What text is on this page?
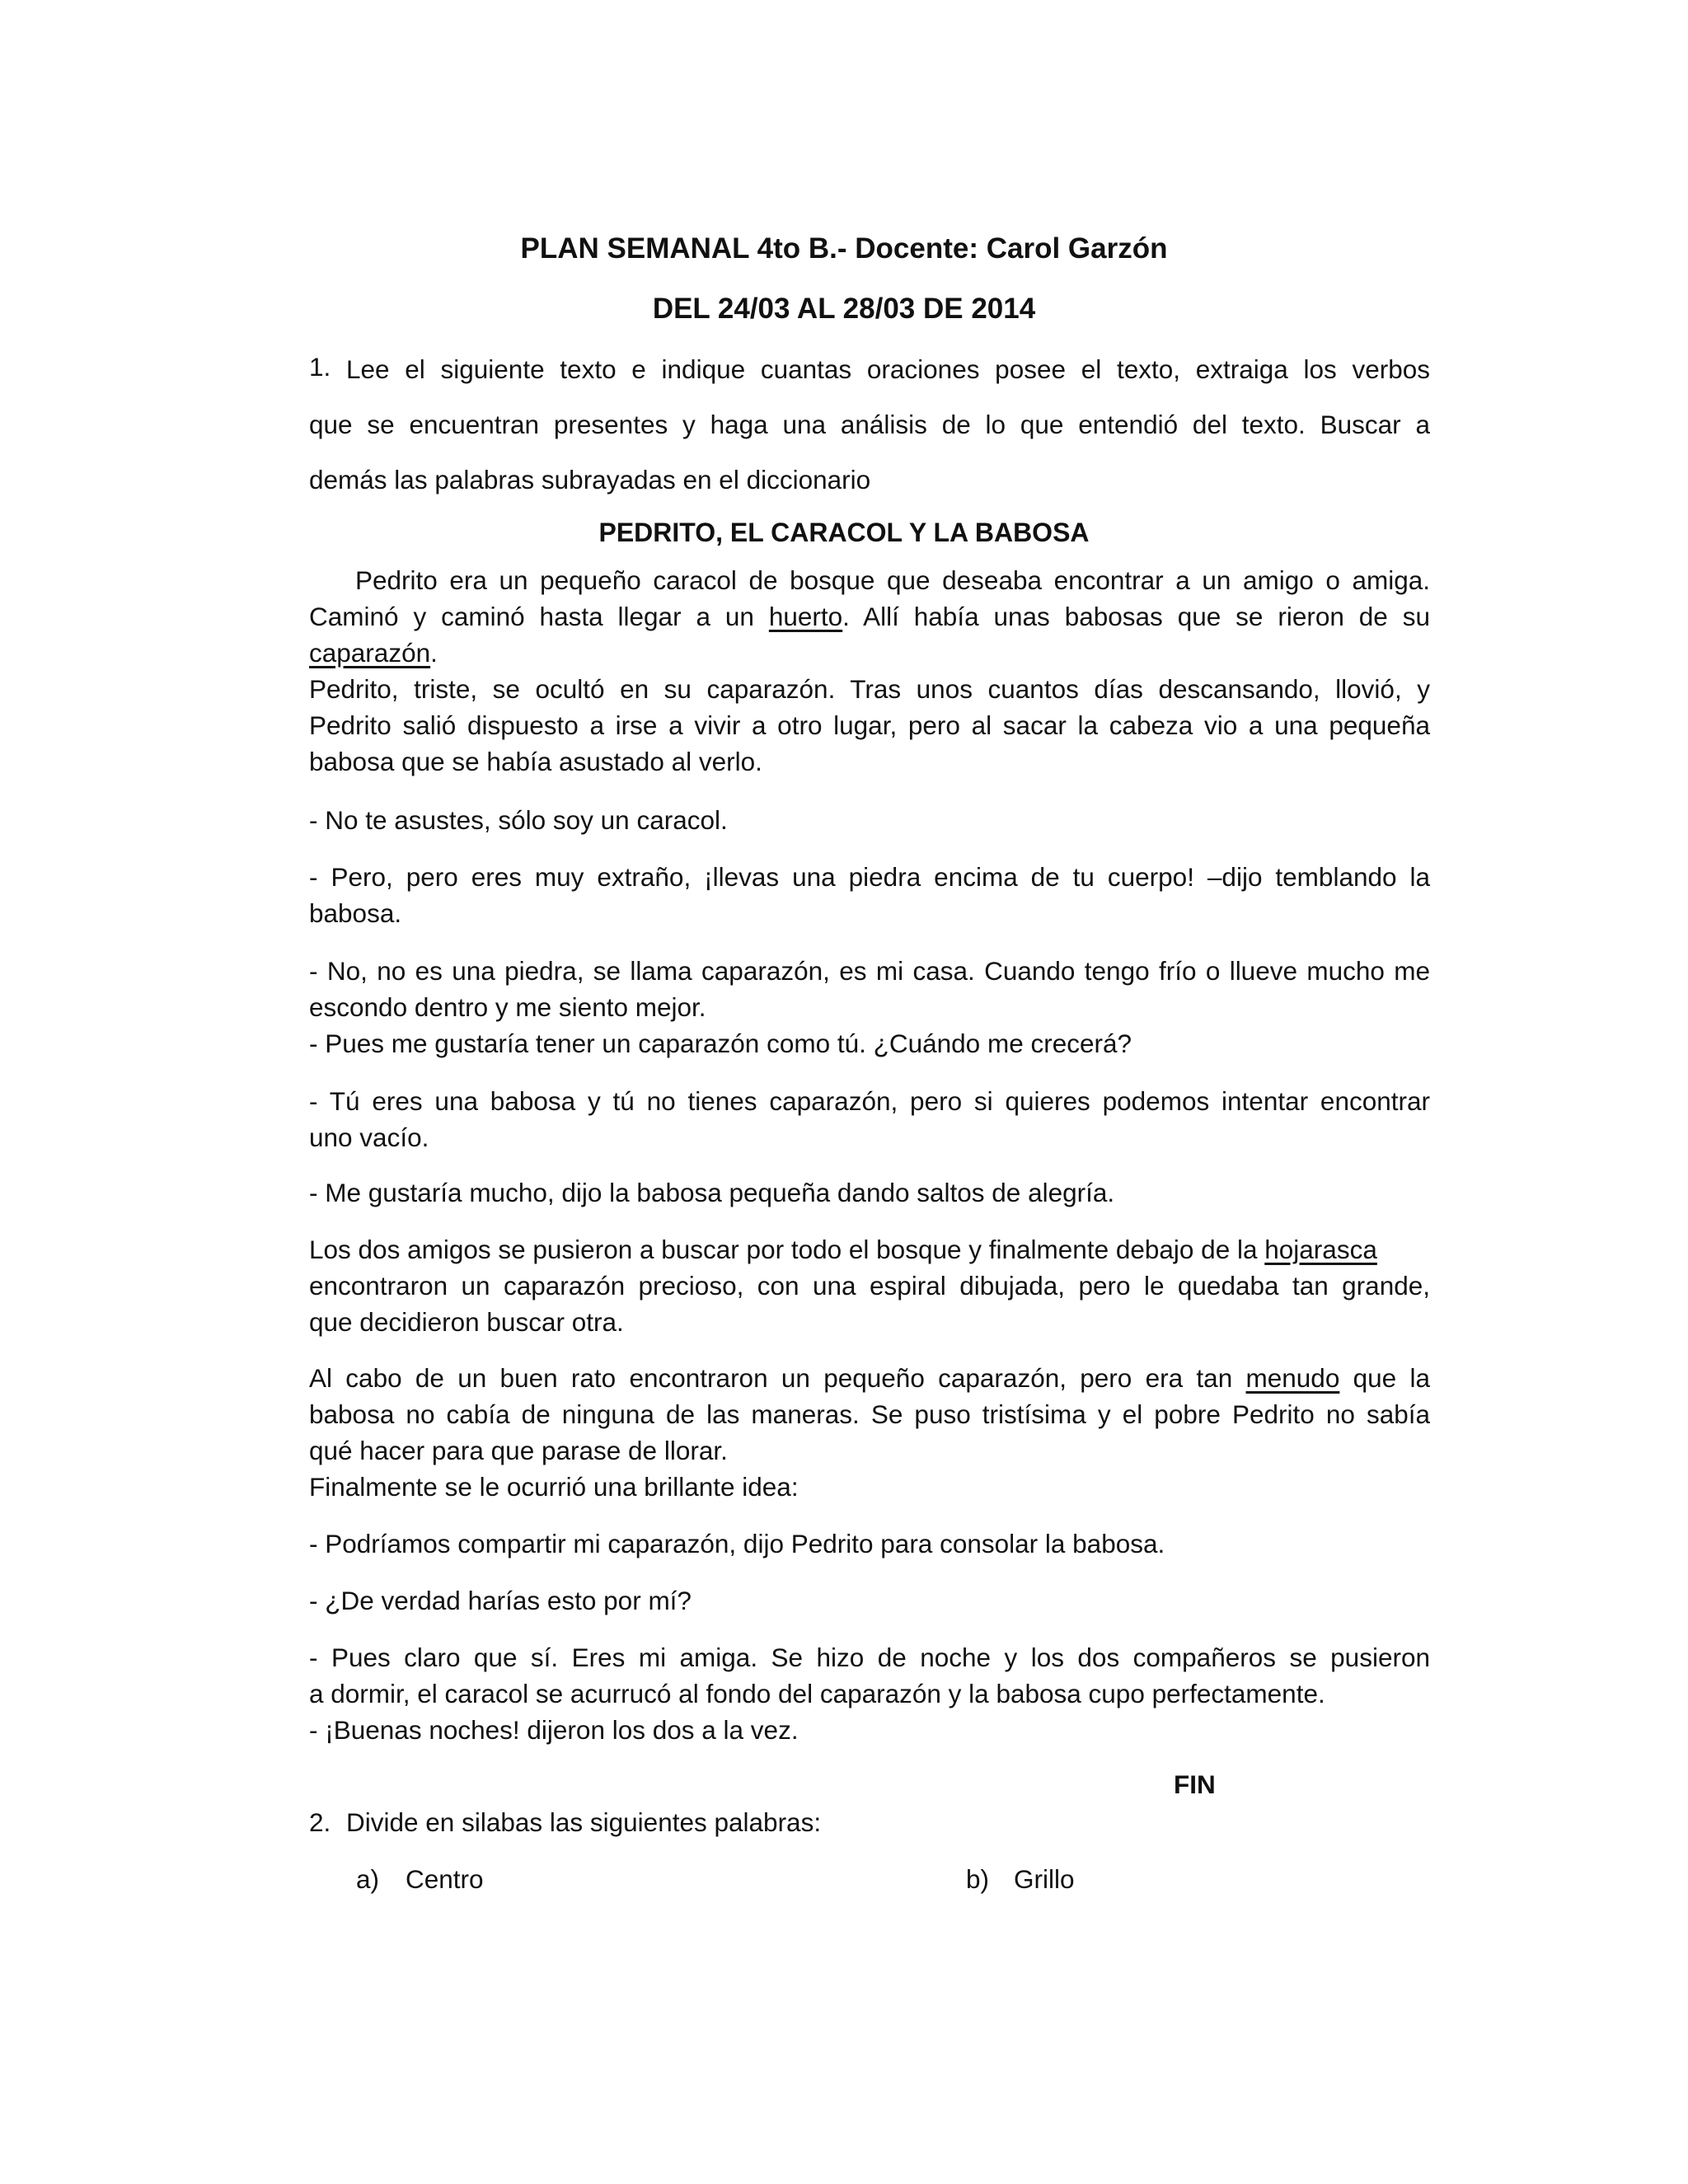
PLAN SEMANAL 4to B.- Docente: Carol Garzón
DEL 24/03 AL 28/03 DE 2014
1. Lee el siguiente texto e indique cuantas oraciones posee el texto, extraiga los verbos
que se encuentran presentes y haga una análisis de lo que entendió del texto. Buscar a
demás las palabras subrayadas en el diccionario
PEDRITO, EL CARACOL Y LA BABOSA
Pedrito era un pequeño caracol de bosque que deseaba encontrar a un amigo o amiga.
Caminó y caminó hasta llegar a un huerto. Allí había unas babosas que se rieron de su
caparazón.
Pedrito, triste, se ocultó en su caparazón. Tras unos cuantos días descansando, llovió, y
Pedrito salió dispuesto a irse a vivir a otro lugar, pero al sacar la cabeza vio a una pequeña
babosa que se había asustado al verlo.
- No te asustes, sólo soy un caracol.
- Pero, pero eres muy extraño, ¡llevas una piedra encima de tu cuerpo! –dijo temblando la
babosa.
- No, no es una piedra, se llama caparazón, es mi casa. Cuando tengo frío o llueve mucho me
escondo dentro y me siento mejor.
- Pues me gustaría tener un caparazón como tú. ¿Cuándo me crecerá?
- Tú eres una babosa y tú no tienes caparazón, pero si quieres podemos intentar encontrar
uno vacío.
- Me gustaría mucho, dijo la babosa pequeña dando saltos de alegría.
Los dos amigos se pusieron a buscar por todo el bosque y finalmente debajo de la hojarasca
encontraron un caparazón precioso, con una espiral dibujada, pero le quedaba tan grande,
que decidieron buscar otra.
Al cabo de un buen rato encontraron un pequeño caparazón, pero era tan menudo que la
babosa no cabía de ninguna de las maneras. Se puso tristísima y el pobre Pedrito no sabía
qué hacer para que parase de llorar.
Finalmente se le ocurrió una brillante idea:
- Podríamos compartir mi caparazón, dijo Pedrito para consolar la babosa.
- ¿De verdad harías esto por mí?
- Pues claro que sí. Eres mi amiga. Se hizo de noche y los dos compañeros se pusieron
a dormir, el caracol se acurrucó al fondo del caparazón y la babosa cupo perfectamente.
- ¡Buenas noches! dijeron los dos a la vez.
FIN
2. Divide en silabas las siguientes palabras:
a) Centro	b) Grillo
